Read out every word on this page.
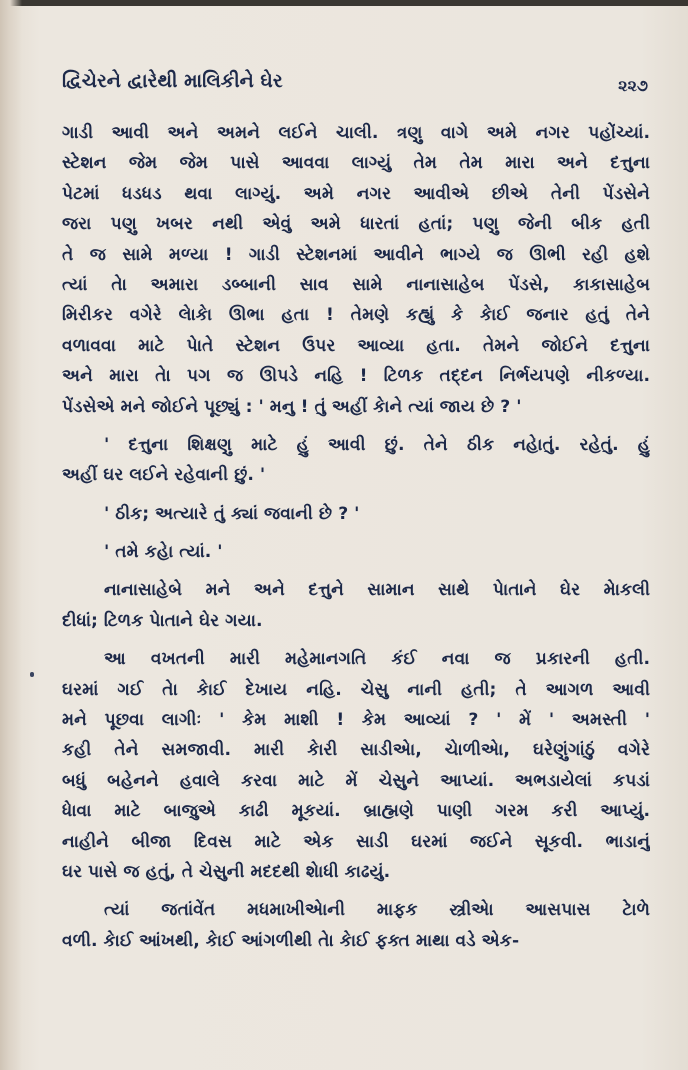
દ્વિચેરને દ્વારેથી માલિકીને ઘેર	૨૨૭
ગાડી આવી અને અમને લઈને ચાલી. ત્રણુ વાગે અમે નગર પહોંચ્યાં.
સ્ટેશન જેમ જેમ પાસે આવવા લાગ્યું તેમ તેમ મારા અને દત્તુના
પેટમાં ધડધડ થવા લાગ્યું. અમે નગર આવીએ છીએ તેની પેંડસેને
જરા પણુ ખબર નથી એવું અમે ધારતાં હતાં; પણુ જેની બીક હતી
તે જ સામે મળ્યા ! ગાડી સ્ટેશનમાં આવીને ભાગ્યે જ ઊભી રહી હશે
ત્યાં તેા અમારા ડબ્બાની સાવ સામે નાનાસાહેબ પેંડસે, કાકાસાહેબ
મિરીકર વગેરે લેાકેા ઊભા હતા ! તેમણે કહ્યું કે કેાઈ જનાર હતું તેને
વળાવવા માટે પેાતે સ્ટેશન ઉપર આવ્યા હતા. તેમને જોઈને દત્તુના
અને મારા તેા પગ જ ઊપડે નહિ ! ટિળક તદ્દન નિર્ભયપણે નીકળ્યા.
પેંડસેએ મને જોઈને પૂછ્યું : ' મનુ ! તું અહીં કેાને ત્યાં જાય છે ? '
' દત્તુના શિક્ષણુ માટે હું આવી છું. તેને ઠીક નહેાતું. રહેતું. હું
અહીં ઘર લઈને રહેવાની છું. '
' ઠીક; અત્યારે તું ક્યાં જવાની છે ? '
' તમે કહેા ત્યાં. '
નાનાસાહેબે મને અને દત્તુને સામાન સાથે પેાતાને ઘેર મેાકલી
દીધાં; ટિળક પેાતાને ઘેર ગયા.
આ વખતની મારી મહેમાનગતિ કંઈ નવા જ પ્રકારની હતી.
ઘરમાં ગઈ તેા કેાઈ દેખાય નહિ. ચેસુ નાની હતી; તે આગળ આવી
મને પૂછવા લાગીઃ ' કેમ માશી ! કેમ આવ્યાં ? ' મેં ' અમસ્તી '
કહી તેને સમજાવી. મારી કેારી સાડીએા, ચેાળીએા, ઘરેણુંગાંઠું વગેરે
બધું બહેનને હવાલે કરવા માટે મેં ચેસુને આપ્યાં. અભડાયેલાં કપડાં
ધેાવા માટે બાજુએ કાઢી મૂકયાં. બ્રાહ્મણે પાણી ગરમ કરી આપ્યું.
નાહીને બીજા દિવસ માટે એક સાડી ઘરમાં જઈને સૂકવી. ભાડાનું
ઘર પાસે જ હતું, તે ચેસુની મદદથી શેાધી કાઢયું.
ત્યાં જતાંવેંત મધમાખીએાની માફક સ્ત્રીએા આસપાસ ટેાળે
વળી. કેાઈ આંખથી, કેાઈ આંગળીથી તેા કેાઈ ફક્ત માથા વડે એક-
